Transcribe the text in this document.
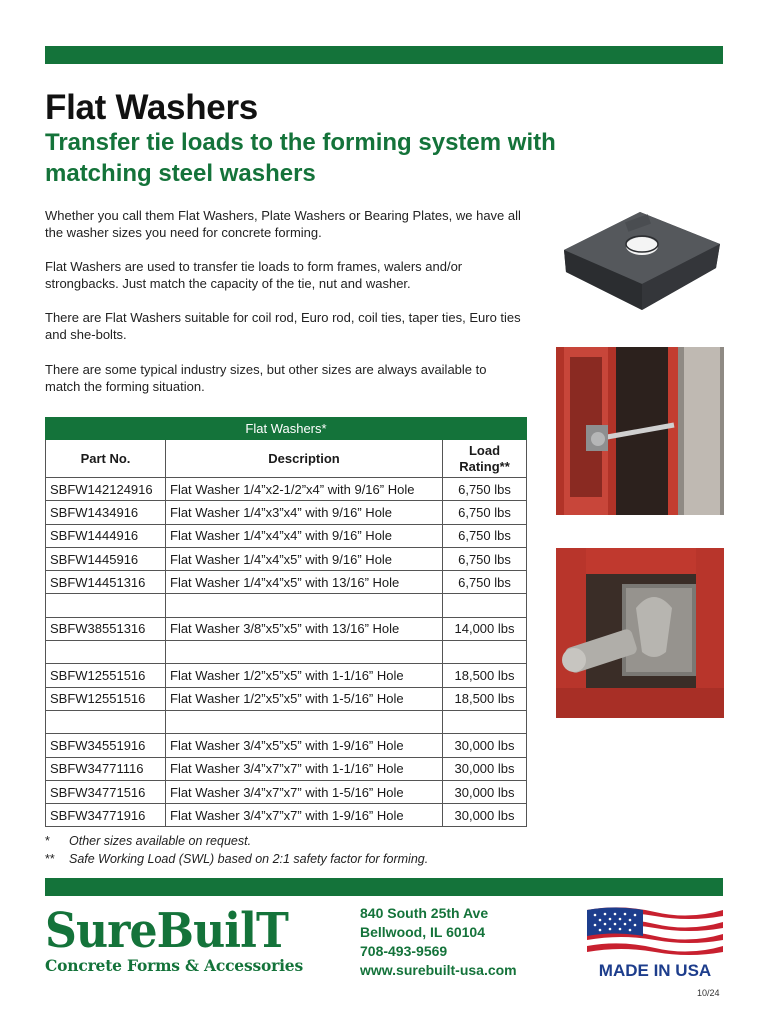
Flat Washers
Transfer tie loads to the forming system with matching steel washers

Whether you call them Flat Washers, Plate Washers or Bearing Plates, we have all the washer sizes you need for concrete forming.

Flat Washers are used to transfer tie loads to form frames, walers and/or strongbacks. Just match the capacity of the tie, nut and washer.

There are Flat Washers suitable for coil rod, Euro rod, coil ties, taper ties, Euro ties and she-bolts.

There are some typical industry sizes, but other sizes are always available to match the forming situation.

Flat Washers*
Part No.	Description
Load
Rating**
SBFW142124916	Flat Washer 1/4”x2-1/2”x4” with 9/16” Hole	6,750 lbs
SBFW1434916	Flat Washer 1/4”x3”x4” with 9/16” Hole	6,750 lbs
SBFW1444916	Flat Washer 1/4”x4”x4” with 9/16” Hole	6,750 lbs
SBFW1445916	Flat Washer 1/4”x4”x5” with 9/16” Hole	6,750 lbs
SBFW14451316	Flat Washer 1/4”x4”x5” with 13/16” Hole	6,750 lbs
SBFW38551316	Flat Washer 3/8”x5”x5” with 13/16” Hole	14,000 lbs
SBFW12551516	Flat Washer 1/2”x5”x5” with 1-1/16” Hole	18,500 lbs
SBFW12551516	Flat Washer 1/2”x5”x5” with 1-5/16” Hole	18,500 lbs
SBFW34551916	Flat Washer 3/4”x5”x5” with 1-9/16” Hole	30,000 lbs
SBFW34771116	Flat Washer 3/4”x7”x7” with 1-1/16” Hole	30,000 lbs
SBFW34771516	Flat Washer 3/4”x7”x7” with 1-5/16” Hole	30,000 lbs
SBFW34771916	Flat Washer 3/4”x7”x7” with 1-9/16” Hole	30,000 lbs

* Other sizes available on request.

** Safe Working Load (SWL) based on 2:1 safety factor for forming.

SureBuilT
Concrete Forms & Accessories
840 South 25th Ave
Bellwood, IL 60104
708-493-9569
www.surebuilt-usa.com	MADE IN USA
10/24
